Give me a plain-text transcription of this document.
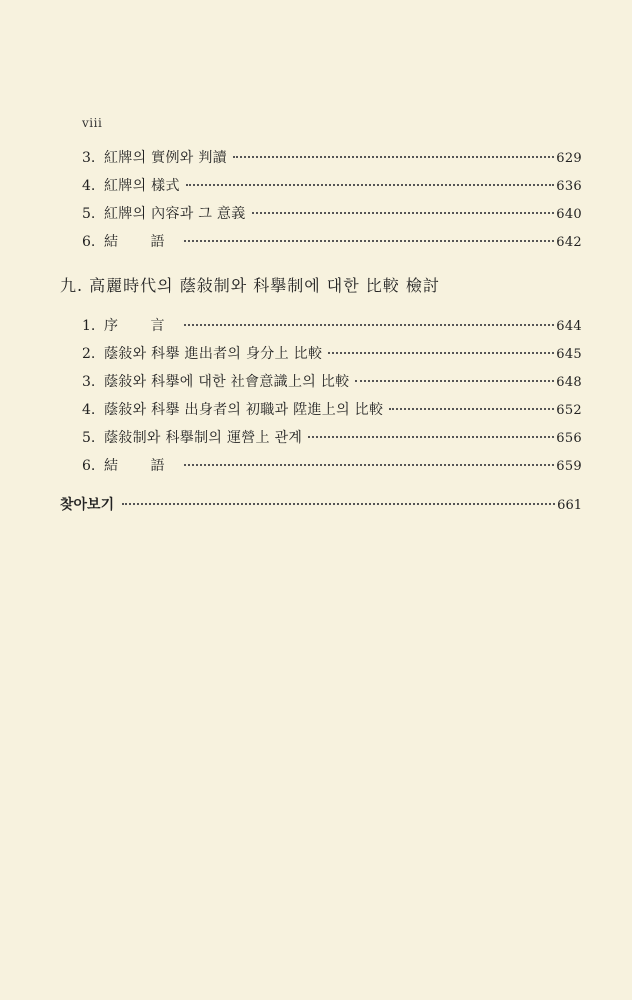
viii
3. 紅牌의 實例와 判讀	629
4. 紅牌의 樣式	636
5. 紅牌의 內容과 그 意義	640
6. 結 語	642
九. 高麗時代의 蔭敍制와 科擧制에 대한 比較 檢討
1. 序 言	644
2. 蔭敍와 科擧 進出者의 身分上 比較	645
3. 蔭敍와 科擧에 대한 社會意識上의 比較	648
4. 蔭敍와 科擧 出身者의 初職과 陞進上의 比較	652
5. 蔭敍制와 科擧制의 運營上 관계	656
6. 結 語	659
찾아보기	661
